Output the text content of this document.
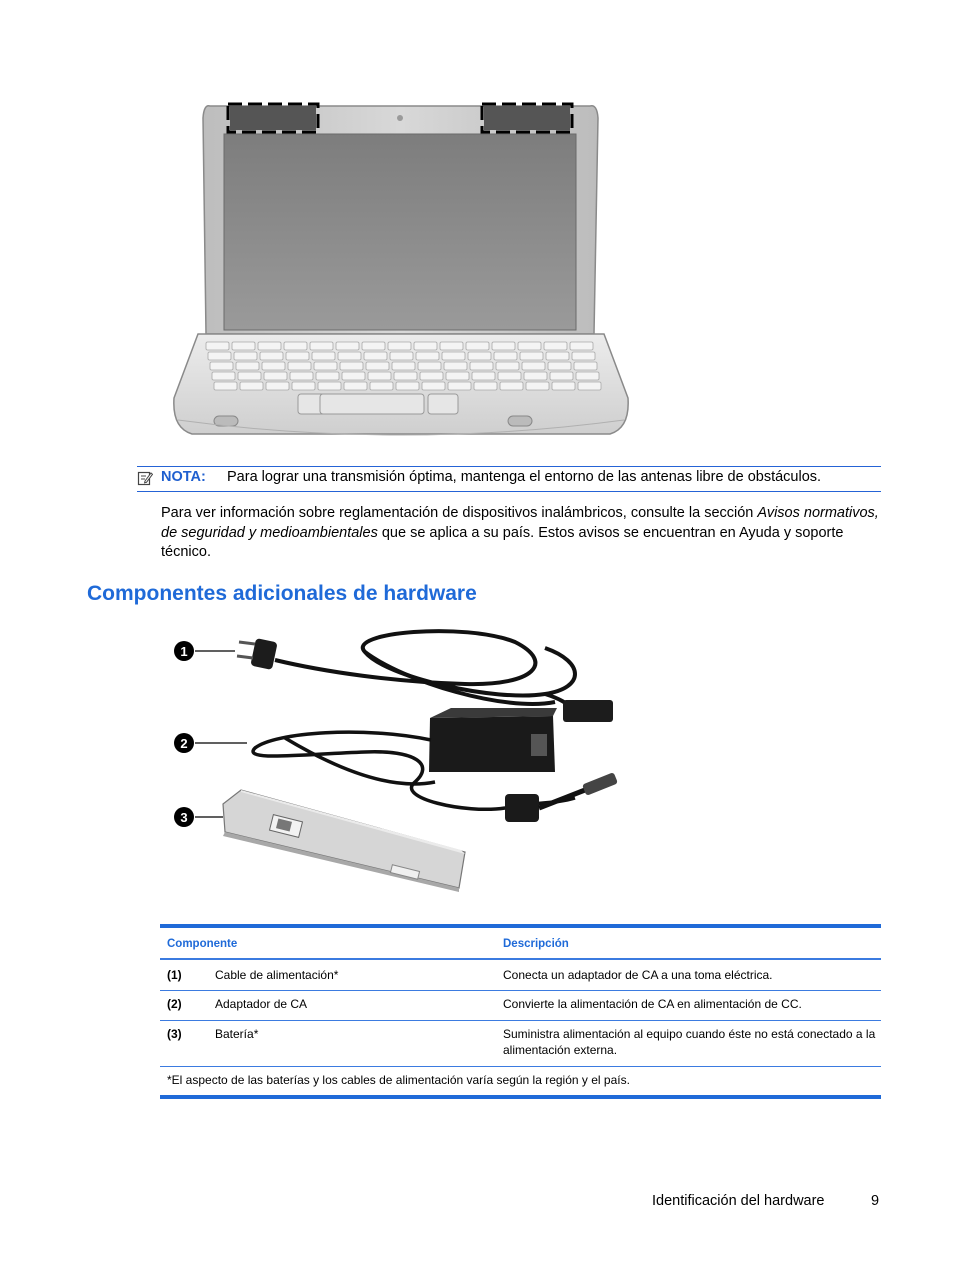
NOTA: Para lograr una transmisión óptima, mantenga el entorno de las antenas libre de obstáculos.
Para ver información sobre reglamentación de dispositivos inalámbricos, consulte la sección Avisos normativos, de seguridad y medioambientales que se aplica a su país. Estos avisos se encuentran en Ayuda y soporte técnico.
Componentes adicionales de hardware
1
2
3
Componente	Descripción
(1)	Cable de alimentación*	Conecta un adaptador de CA a una toma eléctrica.
(2)	Adaptador de CA	Convierte la alimentación de CA en alimentación de CC.
(3)	Batería*	Suministra alimentación al equipo cuando éste no está conectado a la alimentación externa.
*El aspecto de las baterías y los cables de alimentación varía según la región y el país.
Identificación del hardware	9
